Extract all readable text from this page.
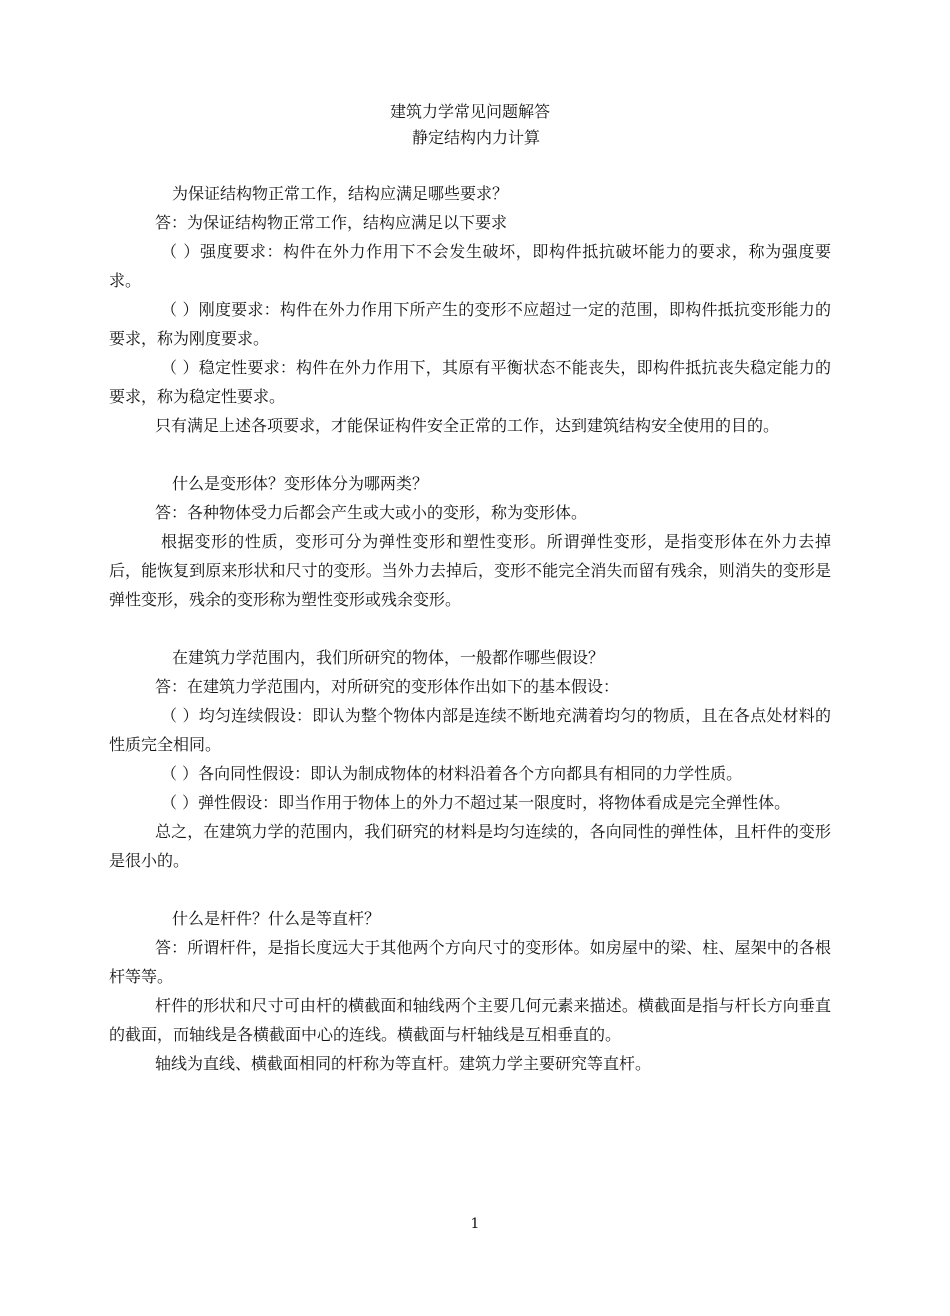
建筑力学常见问题解答

静定结构内力计算

为保证结构物正常工作，结构应满足哪些要求？

答：为保证结构物正常工作，结构应满足以下要求

（ ）强度要求：构件在外力作用下不会发生破坏，即构件抵抗破坏能力的要求，称为强度要求。

（ ）刚度要求：构件在外力作用下所产生的变形不应超过一定的范围，即构件抵抗变形能力的要求，称为刚度要求。

（ ）稳定性要求：构件在外力作用下，其原有平衡状态不能丧失，即构件抵抗丧失稳定能力的要求，称为稳定性要求。

只有满足上述各项要求，才能保证构件安全正常的工作，达到建筑结构安全使用的目的。

什么是变形体？变形体分为哪两类？

答：各种物体受力后都会产生或大或小的变形，称为变形体。

根据变形的性质，变形可分为弹性变形和塑性变形。所谓弹性变形，是指变形体在外力去掉后，能恢复到原来形状和尺寸的变形。当外力去掉后，变形不能完全消失而留有残余，则消失的变形是弹性变形，残余的变形称为塑性变形或残余变形。

在建筑力学范围内，我们所研究的物体，一般都作哪些假设？

答：在建筑力学范围内，对所研究的变形体作出如下的基本假设：

（ ）均匀连续假设：即认为整个物体内部是连续不断地充满着均匀的物质，且在各点处材料的性质完全相同。

（ ）各向同性假设：即认为制成物体的材料沿着各个方向都具有相同的力学性质。

（ ）弹性假设：即当作用于物体上的外力不超过某一限度时，将物体看成是完全弹性体。

总之，在建筑力学的范围内，我们研究的材料是均匀连续的，各向同性的弹性体，且杆件的变形是很小的。

什么是杆件？什么是等直杆？

答：所谓杆件，是指长度远大于其他两个方向尺寸的变形体。如房屋中的梁、柱、屋架中的各根杆等等。

杆件的形状和尺寸可由杆的横截面和轴线两个主要几何元素来描述。横截面是指与杆长方向垂直的截面，而轴线是各横截面中心的连线。横截面与杆轴线是互相垂直的。

轴线为直线、横截面相同的杆称为等直杆。建筑力学主要研究等直杆。

1
